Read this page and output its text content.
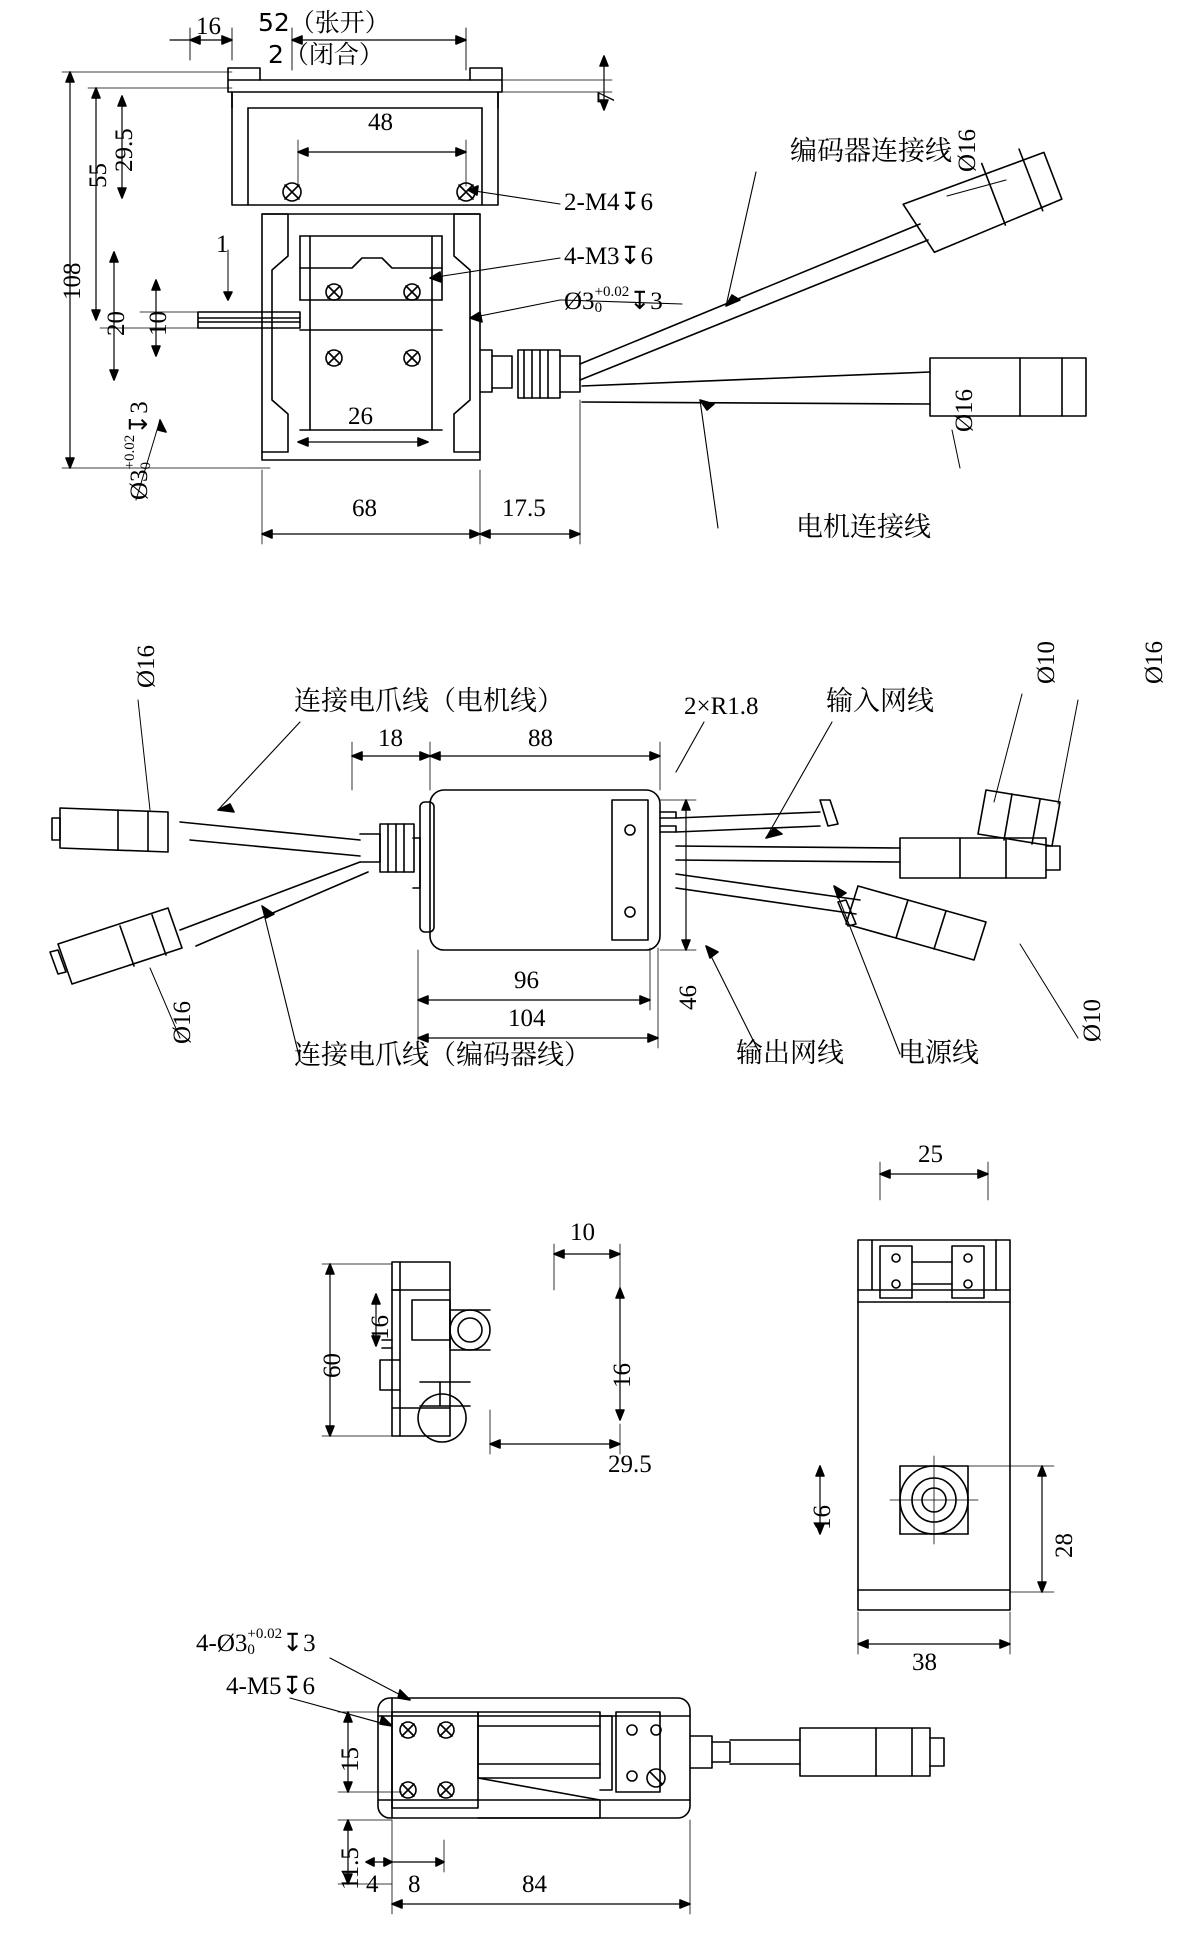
16 52（张开）
2（闭合）
29.5
55
108
48
7
1
20 10
26
68	17.5
2-M4↧6
4-M3↧6
Ø3 +0.02
0	↧3
Ø3
+0.02 0
↧3
编码器连接线
电机连接线
Ø16
Ø16
18	88
96
104
46
2×R1.8
连接电爪线（电机线）
连接电爪线（编码器线）
输入网线
输出网线 电源线
Ø16
Ø16
Ø16
Ø10
Ø10
60
16
10
16
29.5
25
16
28
38
4-Ø3 +0.02
0	↧3
4-M5↧6
15
11.5 4 8	84
